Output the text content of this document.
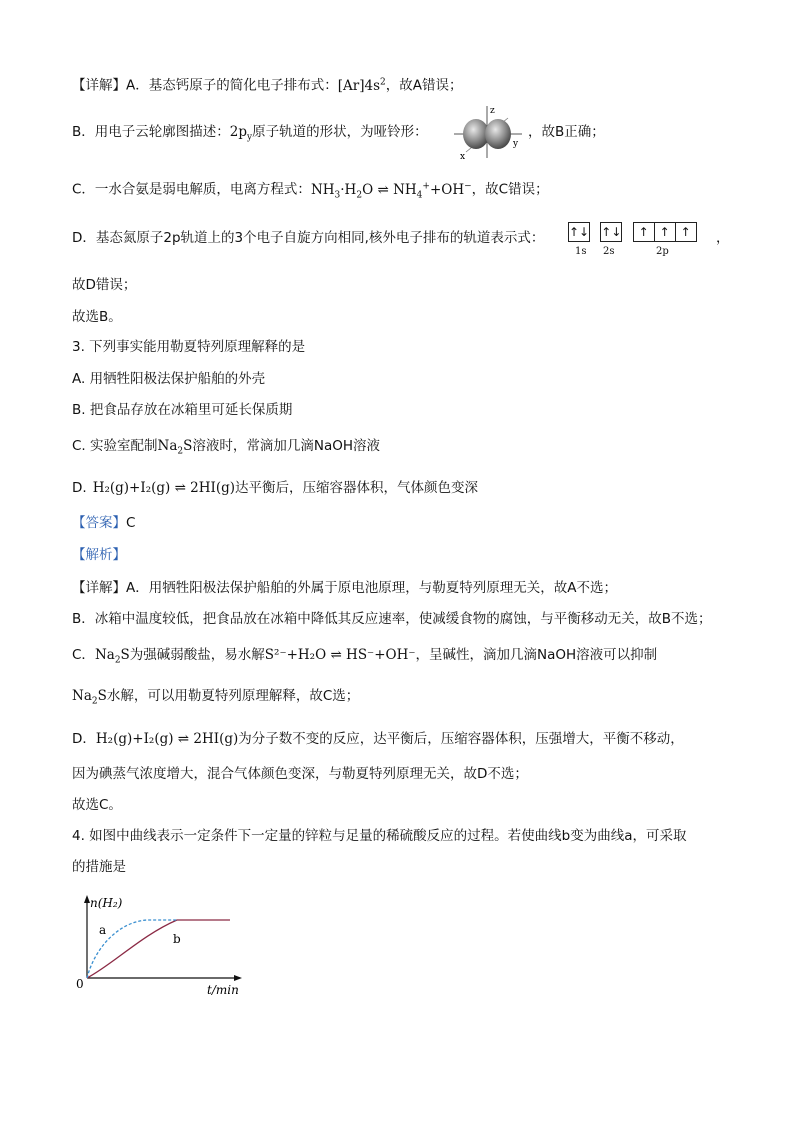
【详解】A．基态钙原子的简化电子排布式：$[Ar]4s^2$，故A错误；
B．用电子云轮廓图描述：$2p_y$原子轨道的形状，为哑铃形：
z
y
x
，故B正确；
C．一水合氨是弱电解质，电离方程式：$NH_3\cdot H_2O$ ⇌ $NH_4^++OH^-$，故C错误；
D．基态氮原子2p轨道上的3个电子自旋方向相同,核外电子排布的轨道表示式： ↑↓ ↑↓ ↑ ↑ ↑
1s 2s	2p
，
故D错误；
故选B。
3. 下列事实能用勒夏特列原理解释的是
A. 用牺牲阳极法保护船舶的外壳
B. 把食品存放在冰箱里可延长保质期
C. 实验室配制$Na_2S$溶液时，常滴加几滴NaOH溶液
D. H₂(g)+I₂(g) ⇌ 2HI(g)达平衡后，压缩容器体积，气体颜色变深
【答案】C
【解析】
【详解】A．用牺牲阳极法保护船舶的外属于原电池原理，与勒夏特列原理无关，故A不选；
B．冰箱中温度较低，把食品放在冰箱中降低其反应速率，使减缓食物的腐蚀，与平衡移动无关，故B不选；
C．$Na_2S$为强碱弱酸盐，易水解S²⁻+H₂O ⇌ HS⁻+OH⁻，呈碱性，滴加几滴NaOH溶液可以抑制
$Na_2S$水解，可以用勒夏特列原理解释，故C选；
D．H₂(g)+I₂(g) ⇌ 2HI(g)为分子数不变的反应，达平衡后，压缩容器体积，压强增大，平衡不移动，
因为碘蒸气浓度增大，混合气体颜色变深，与勒夏特列原理无关，故D不选；
故选C。
4. 如图中曲线表示一定条件下一定量的锌粒与足量的稀硫酸反应的过程。若使曲线b变为曲线a，可采取
的措施是
n(H₂)
t/min
0
a
b
